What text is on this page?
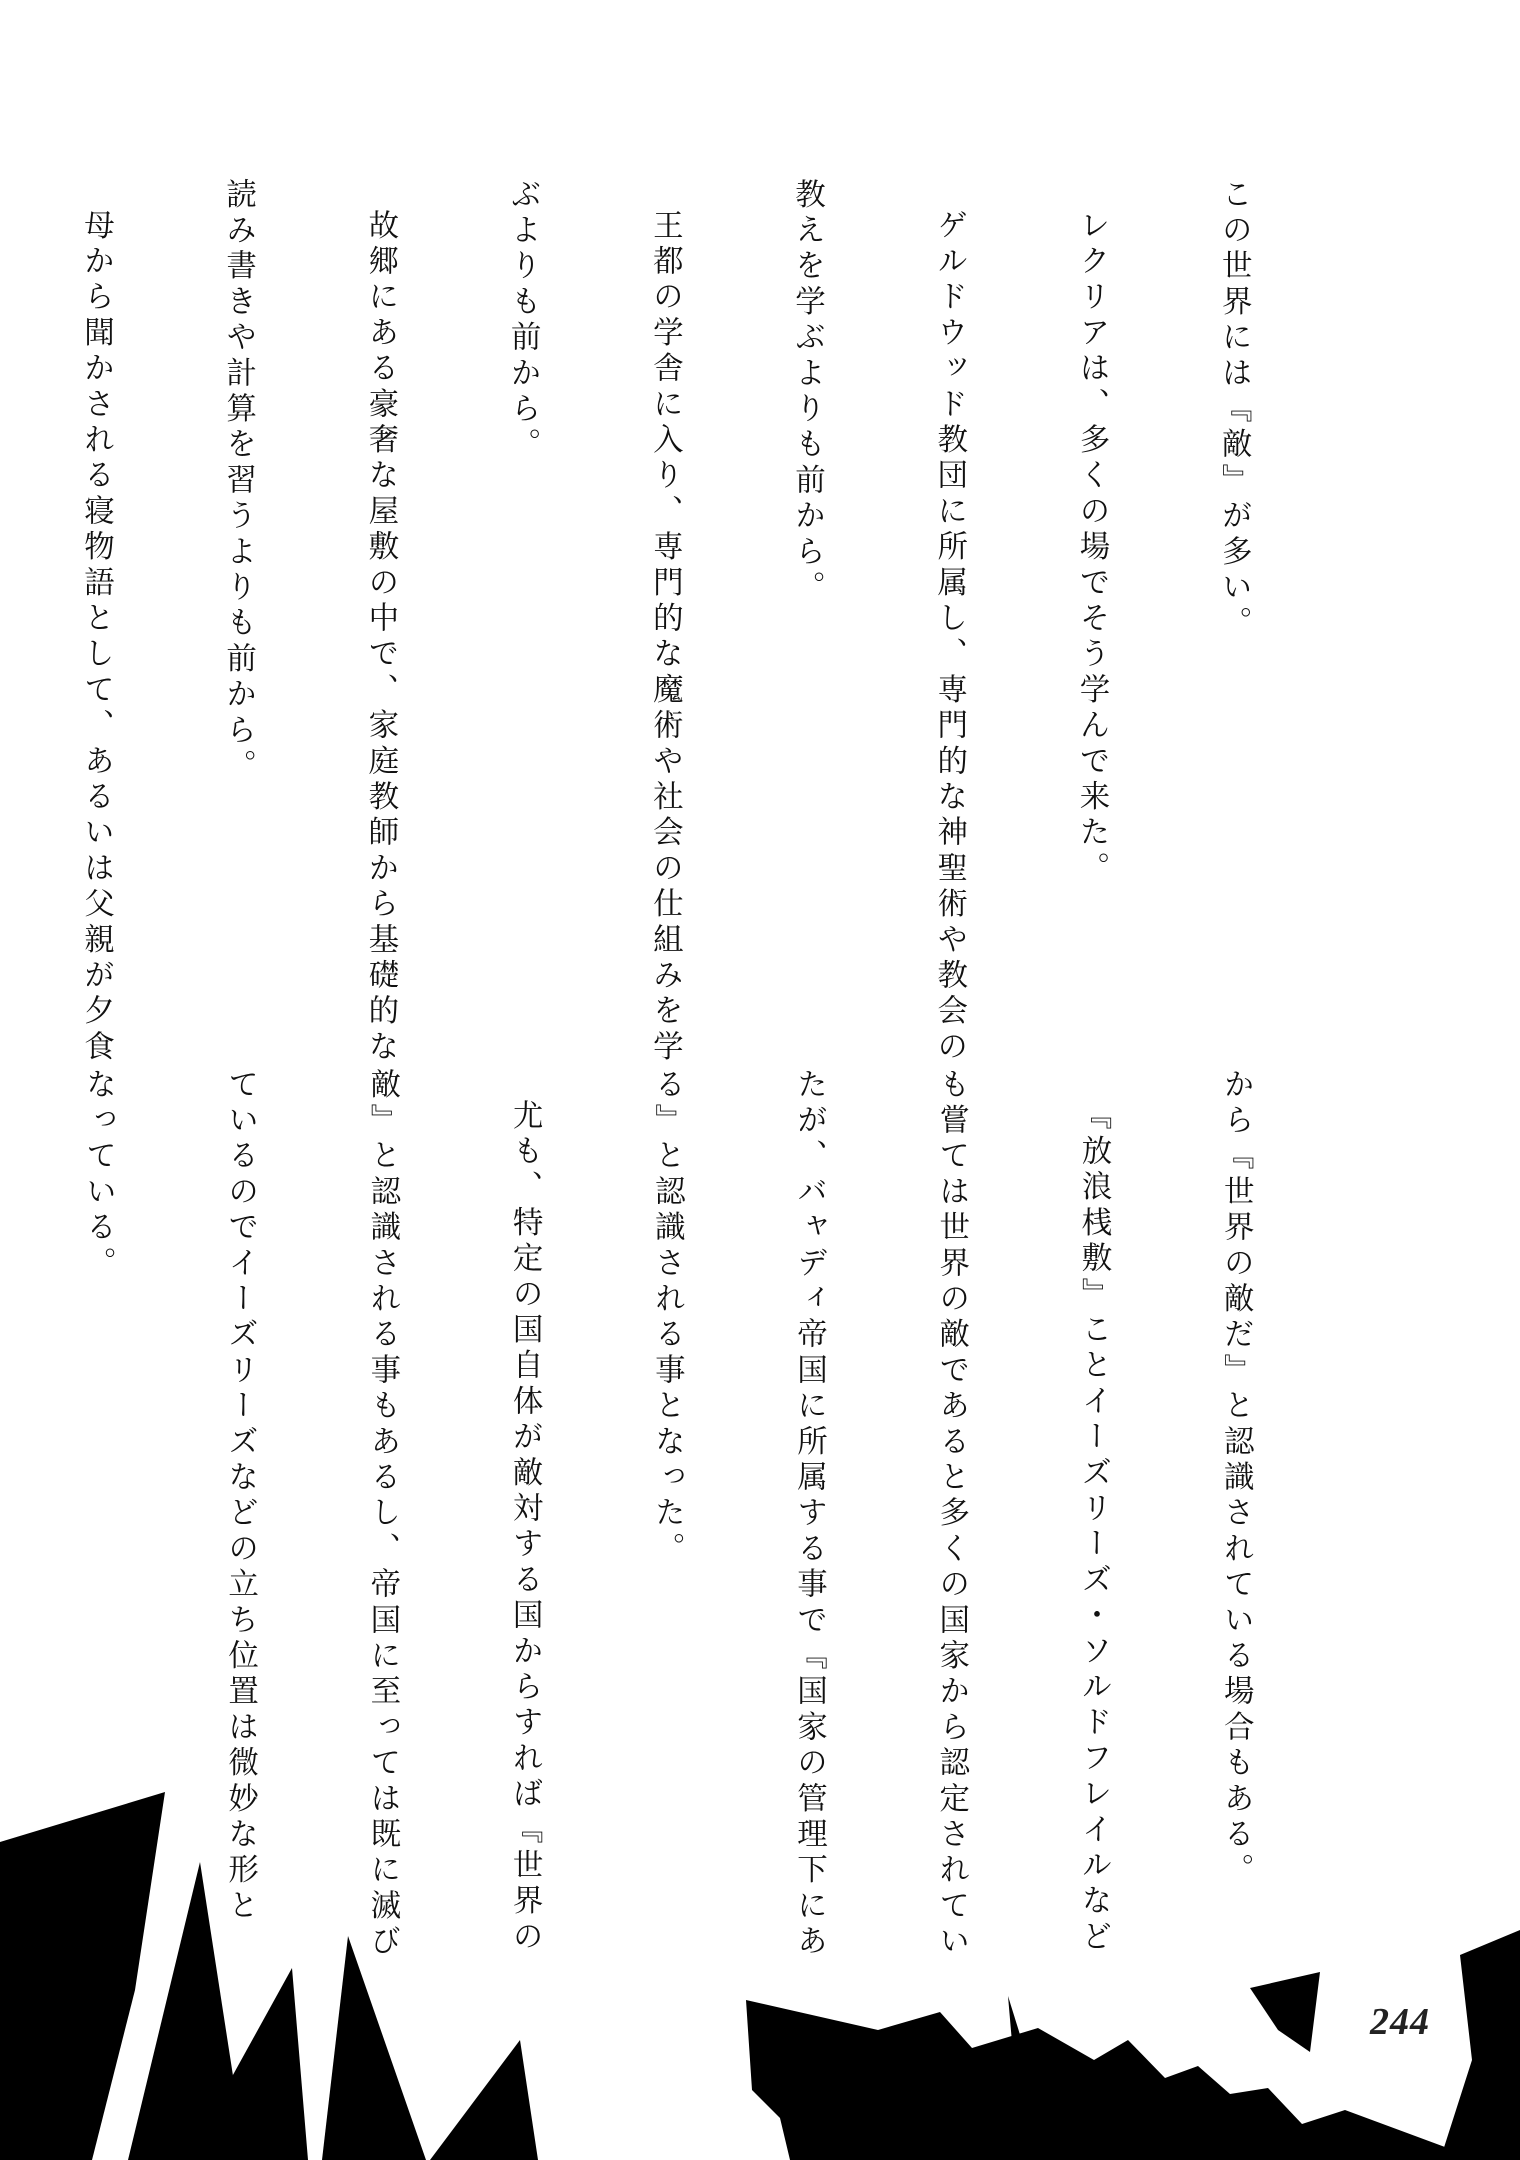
この世界には『敵』が多い。

レクリアは、多くの場でそう学んで来た。

ゲルドウッド教団に所属し、専門的な神聖術や教会の

教えを学ぶよりも前から。

王都の学舎に入り、専門的な魔術や社会の仕組みを学

ぶよりも前から。

故郷にある豪奢な屋敷の中で、家庭教師から基礎的な

読み書きや計算を習うよりも前から。

母から聞かされる寝物語として、あるいは父親が夕食

から『世界の敵だ』と認識されている場合もある。

『放浪桟敷』ことイーズリーズ・ソルドフレイルなど

も嘗ては世界の敵であると多くの国家から認定されてい

たが、バャディ帝国に所属する事で『国家の管理下にあ

る』と認識される事となった。

尤も、特定の国自体が敵対する国からすれば『世界の

敵』と認識される事もあるし、帝国に至っては既に滅び

ているのでイーズリーズなどの立ち位置は微妙な形と

なっている。

244
